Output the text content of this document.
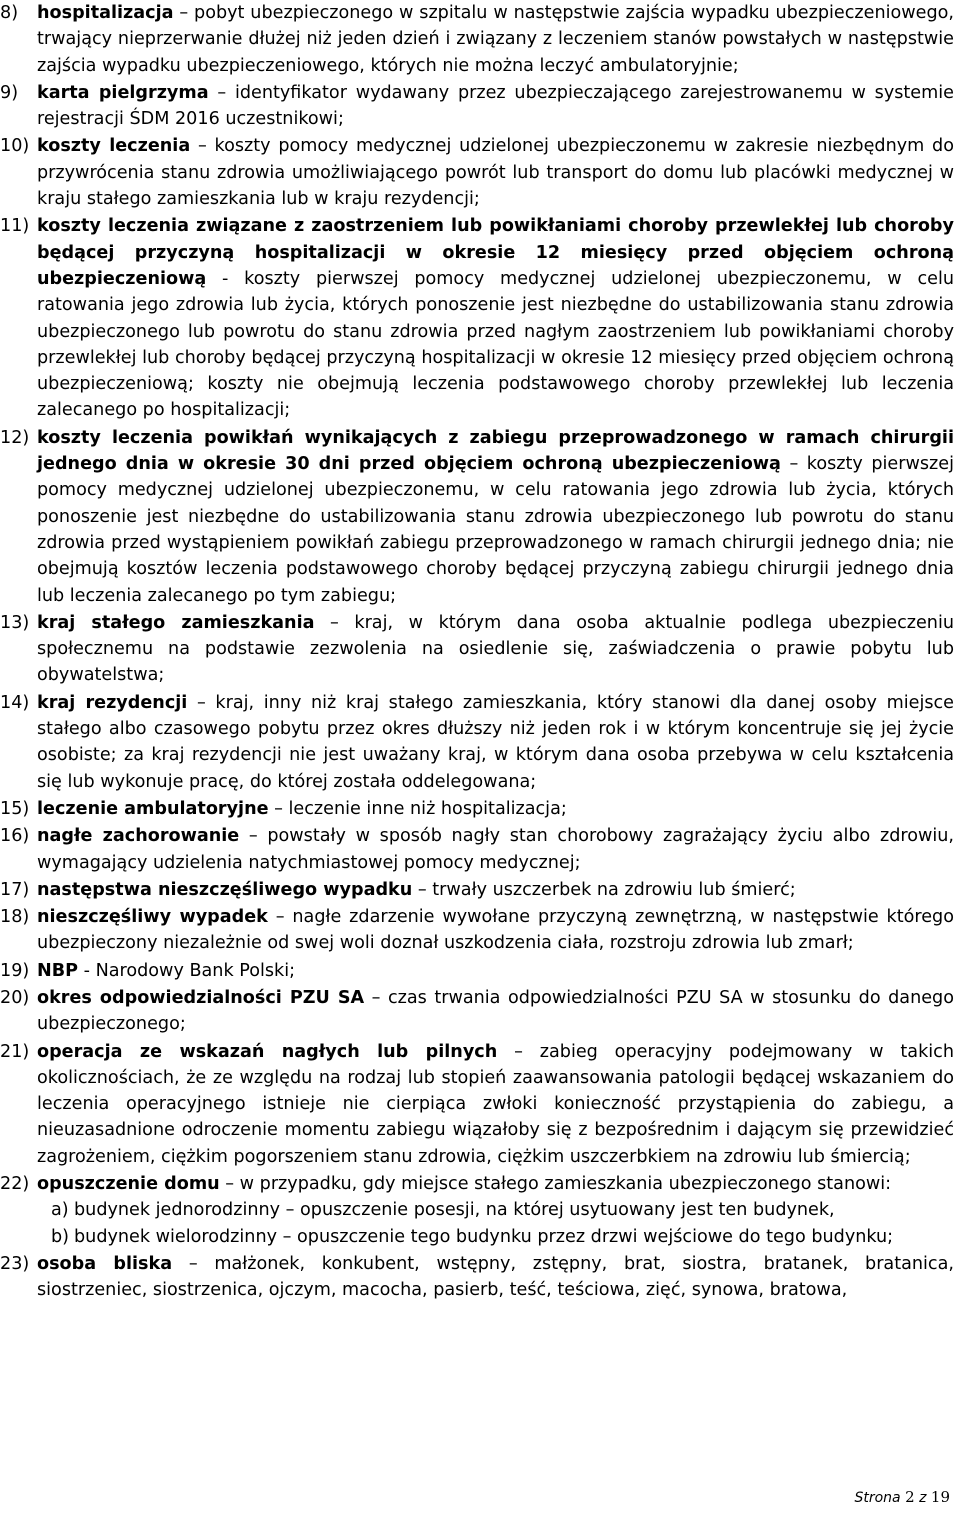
8) hospitalizacja – pobyt ubezpieczonego w szpitalu w następstwie zajścia wypadku ubezpieczeniowego, trwający nieprzerwanie dłużej niż jeden dzień i związany z leczeniem stanów powstałych w następstwie zajścia wypadku ubezpieczeniowego, których nie można leczyć ambulatoryjnie;
9) karta pielgrzyma – identyfikator wydawany przez ubezpieczającego zarejestrowanemu w systemie rejestracji ŚDM 2016 uczestnikowi;
10) koszty leczenia – koszty pomocy medycznej udzielonej ubezpieczonemu w zakresie niezbędnym do przywrócenia stanu zdrowia umożliwiającego powrót lub transport do domu lub placówki medycznej w kraju stałego zamieszkania lub w kraju rezydencji;
11) koszty leczenia związane z zaostrzeniem lub powikłaniami choroby przewlekłej lub choroby będącej przyczyną hospitalizacji w okresie 12 miesięcy przed objęciem ochroną ubezpieczeniową - koszty pierwszej pomocy medycznej udzielonej ubezpieczonemu, w celu ratowania jego zdrowia lub życia, których ponoszenie jest niezbędne do ustabilizowania stanu zdrowia ubezpieczonego lub powrotu do stanu zdrowia przed nagłym zaostrzeniem lub powikłaniami choroby przewlekłej lub choroby będącej przyczyną hospitalizacji w okresie 12 miesięcy przed objęciem ochroną ubezpieczeniową; koszty nie obejmują leczenia podstawowego choroby przewlekłej lub leczenia zalecanego po hospitalizacji;
12) koszty leczenia powikłań wynikających z zabiegu przeprowadzonego w ramach chirurgii jednego dnia w okresie 30 dni przed objęciem ochroną ubezpieczeniową – koszty pierwszej pomocy medycznej udzielonej ubezpieczonemu, w celu ratowania jego zdrowia lub życia, których ponoszenie jest niezbędne do ustabilizowania stanu zdrowia ubezpieczonego lub powrotu do stanu zdrowia przed wystąpieniem powikłań zabiegu przeprowadzonego w ramach chirurgii jednego dnia; nie obejmują kosztów leczenia podstawowego choroby będącej przyczyną zabiegu chirurgii jednego dnia lub leczenia zalecanego po tym zabiegu;
13) kraj stałego zamieszkania – kraj, w którym dana osoba aktualnie podlega ubezpieczeniu społecznemu na podstawie zezwolenia na osiedlenie się, zaświadczenia o prawie pobytu lub obywatelstwa;
14) kraj rezydencji – kraj, inny niż kraj stałego zamieszkania, który stanowi dla danej osoby miejsce stałego albo czasowego pobytu przez okres dłuższy niż jeden rok i w którym koncentruje się jej życie osobiste; za kraj rezydencji nie jest uważany kraj, w którym dana osoba przebywa w celu kształcenia się lub wykonuje pracę, do której została oddelegowana;
15) leczenie ambulatoryjne – leczenie inne niż hospitalizacja;
16) nagłe zachorowanie – powstały w sposób nagły stan chorobowy zagrażający życiu albo zdrowiu, wymagający udzielenia natychmiastowej pomocy medycznej;
17) następstwa nieszczęśliwego wypadku – trwały uszczerbek na zdrowiu lub śmierć;
18) nieszczęśliwy wypadek – nagłe zdarzenie wywołane przyczyną zewnętrzną, w następstwie którego ubezpieczony niezależnie od swej woli doznał uszkodzenia ciała, rozstroju zdrowia lub zmarł;
19) NBP - Narodowy Bank Polski;
20) okres odpowiedzialności PZU SA – czas trwania odpowiedzialności PZU SA w stosunku do danego ubezpieczonego;
21) operacja ze wskazań nagłych lub pilnych – zabieg operacyjny podejmowany w takich okolicznościach, że ze względu na rodzaj lub stopień zaawansowania patologii będącej wskazaniem do leczenia operacyjnego istnieje nie cierpiąca zwłoki konieczność przystąpienia do zabiegu, a nieuzasadnione odroczenie momentu zabiegu wiązałoby się z bezpośrednim i dającym się przewidzieć zagrożeniem, ciężkim pogorszeniem stanu zdrowia, ciężkim uszczerbkiem na zdrowiu lub śmiercią;
22) opuszczenie domu – w przypadku, gdy miejsce stałego zamieszkania ubezpieczonego stanowi:
a) budynek jednorodzinny – opuszczenie posesji, na której usytuowany jest ten budynek,
b) budynek wielorodzinny – opuszczenie tego budynku przez drzwi wejściowe do tego budynku;
23) osoba bliska – małżonek, konkubent, wstępny, zstępny, brat, siostra, bratanek, bratanica, siostrzeniec, siostrzenica, ojczym, macocha, pasierb, teść, teściowa, zięć, synowa, bratowa,
Strona 2 z 19
